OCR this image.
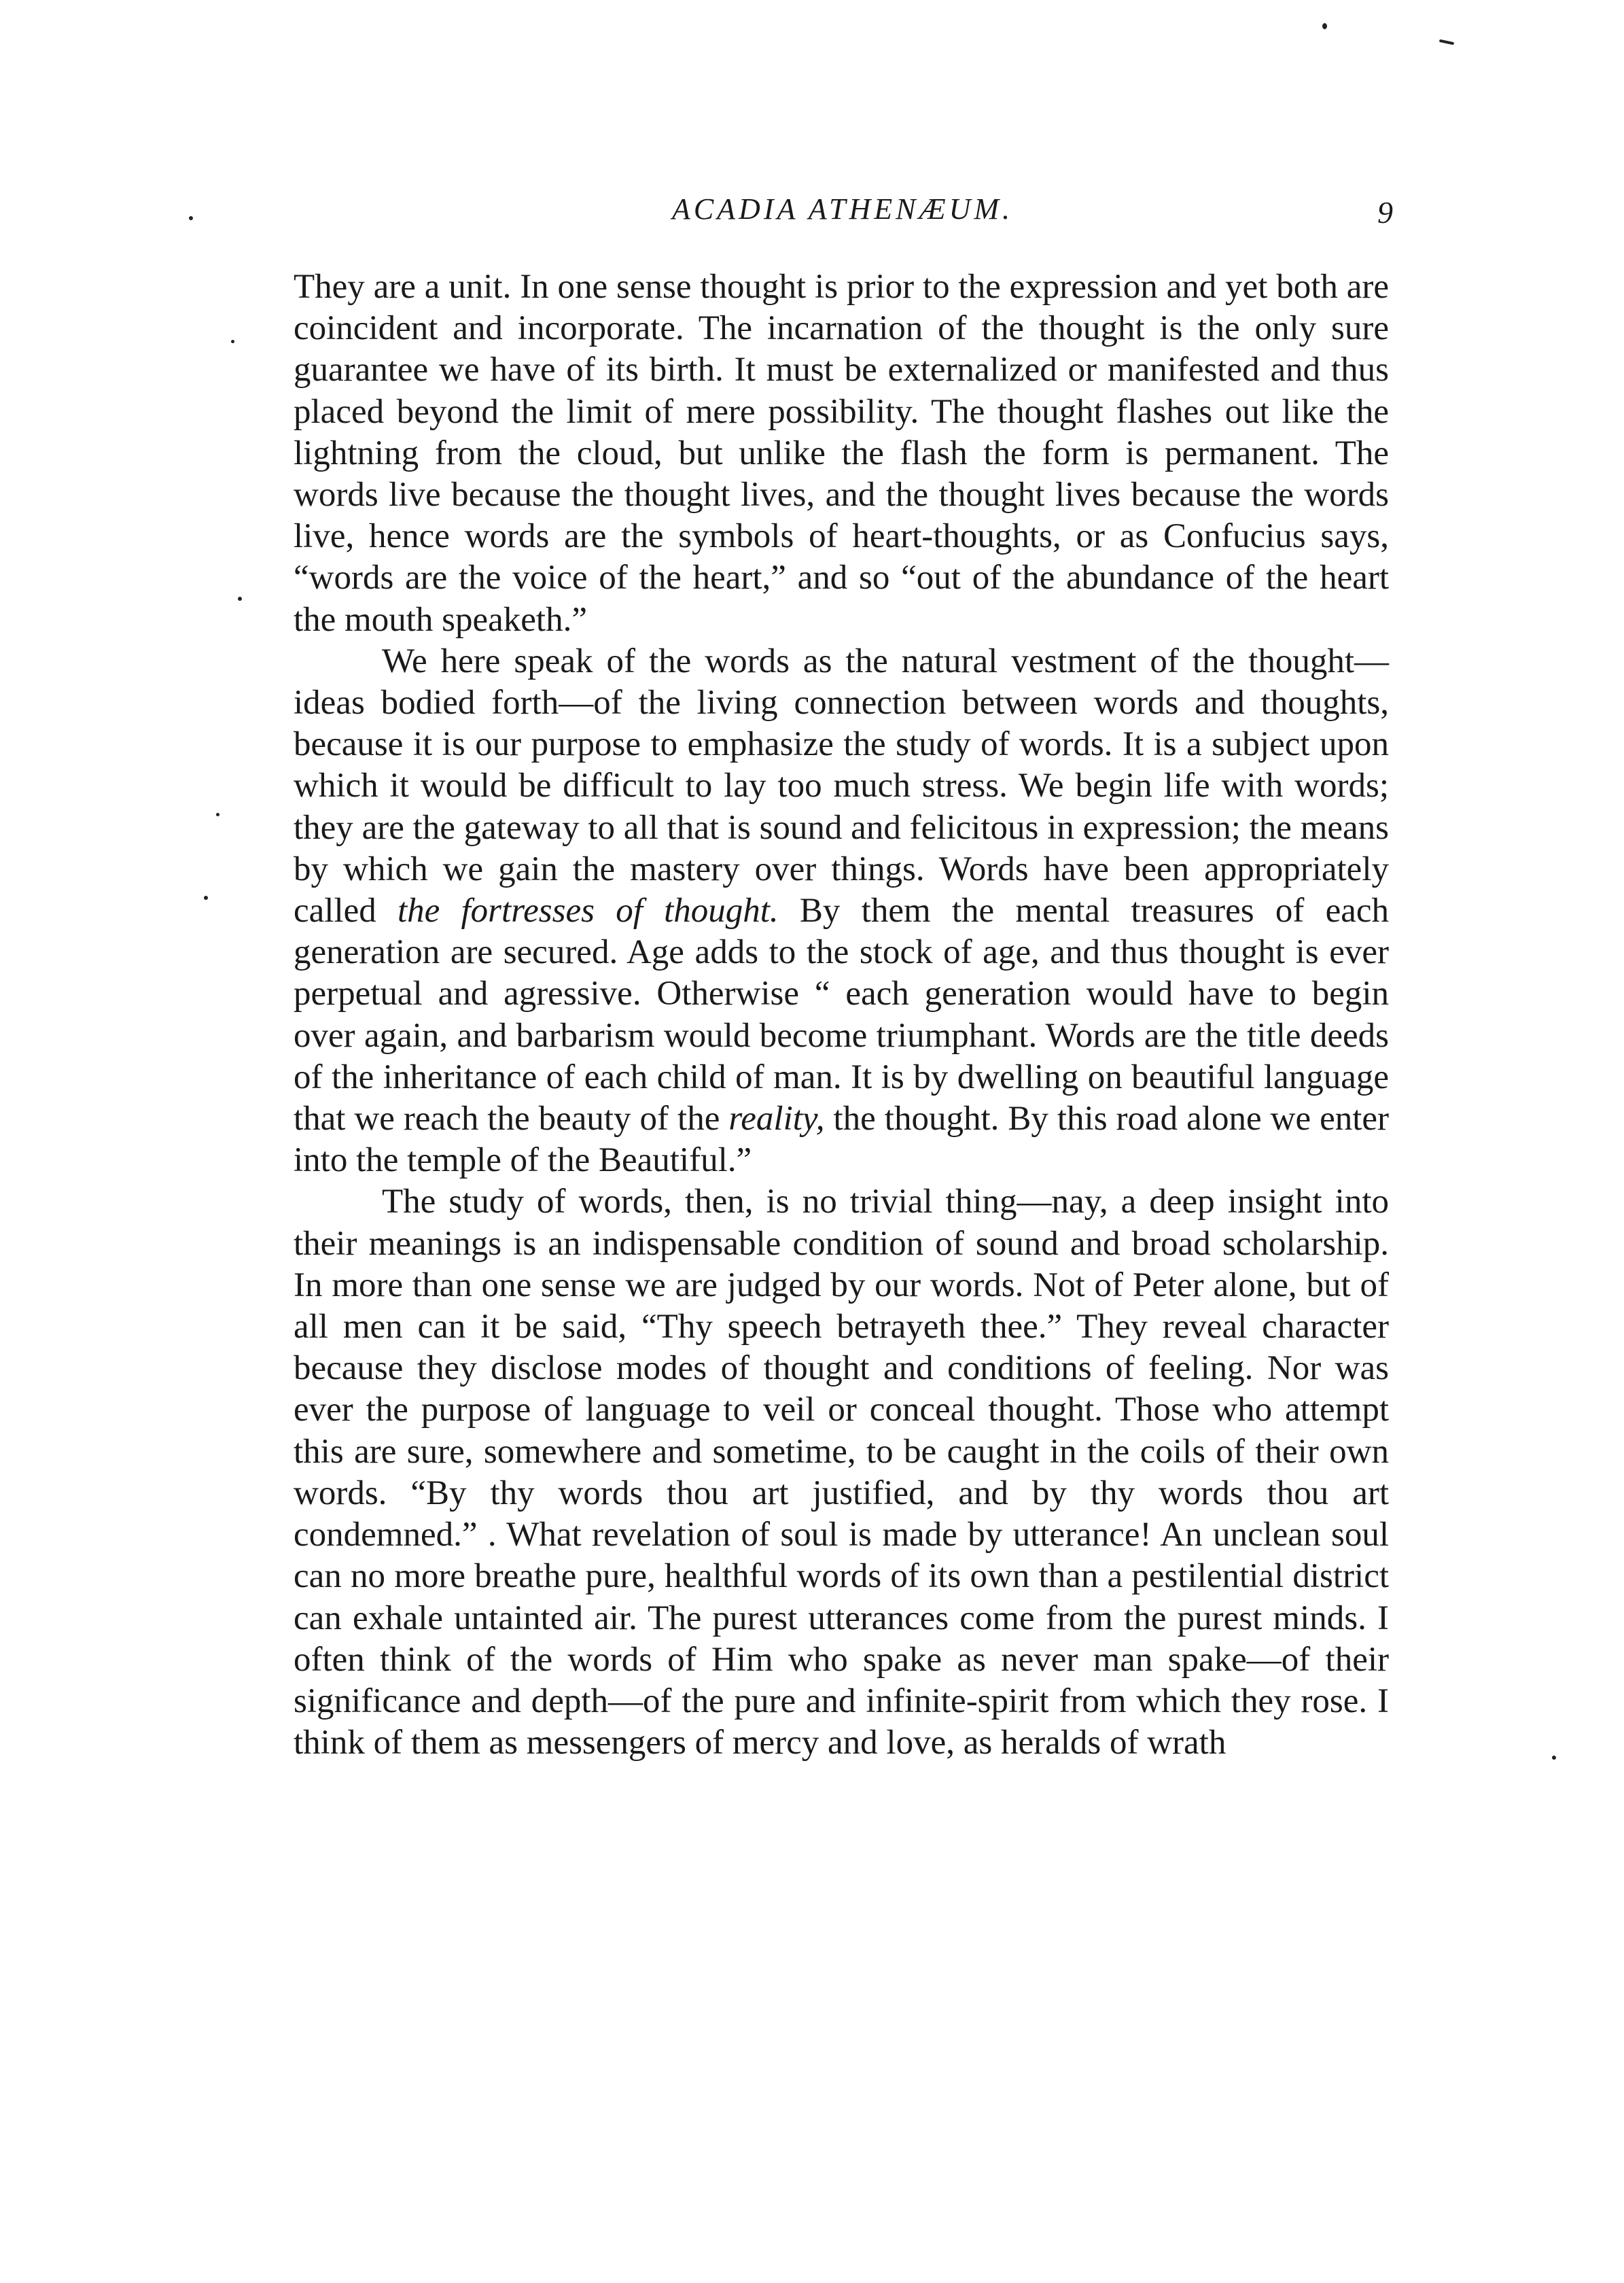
ACADIA ATHENÆUM.	9

They are a unit. In one sense thought is prior to the expression and yet both are coincident and incorporate. The incarnation of the thought is the only sure guarantee we have of its birth. It must be externalized or manifested and thus placed beyond the limit of mere possibility. The thought flashes out like the lightning from the cloud, but unlike the flash the form is permanent. The words live because the thought lives, and the thought lives because the words live, hence words are the symbols of heart-thoughts, or as Confucius says, “words are the voice of the heart,” and so “out of the abundance of the heart the mouth speaketh.”

We here speak of the words as the natural vestment of the thought—ideas bodied forth—of the living connection between words and thoughts, because it is our purpose to emphasize the study of words. It is a subject upon which it would be difficult to lay too much stress. We begin life with words; they are the gateway to all that is sound and felicitous in expression; the means by which we gain the mastery over things. Words have been appropriately called the fortresses of thought. By them the mental treasures of each generation are secured. Age adds to the stock of age, and thus thought is ever perpetual and agressive. Otherwise “ each generation would have to begin over again, and barbarism would become triumphant. Words are the title deeds of the inheritance of each child of man. It is by dwelling on beautiful language that we reach the beauty of the reality, the thought. By this road alone we enter into the temple of the Beautiful.”

The study of words, then, is no trivial thing—nay, a deep insight into their meanings is an indispensable condition of sound and broad scholarship. In more than one sense we are judged by our words. Not of Peter alone, but of all men can it be said, “Thy speech betrayeth thee.” They reveal character because they disclose modes of thought and conditions of feeling. Nor was ever the purpose of language to veil or conceal thought. Those who attempt this are sure, somewhere and sometime, to be caught in the coils of their own words. “By thy words thou art justified, and by thy words thou art condemned.” . What revelation of soul is made by utterance! An unclean soul can no more breathe pure, healthful words of its own than a pestilential district can exhale untainted air. The purest utterances come from the purest minds. I often think of the words of Him who spake as never man spake—of their significance and depth—of the pure and infinite-spirit from which they rose. I think of them as messengers of mercy and love, as heralds of wrath
